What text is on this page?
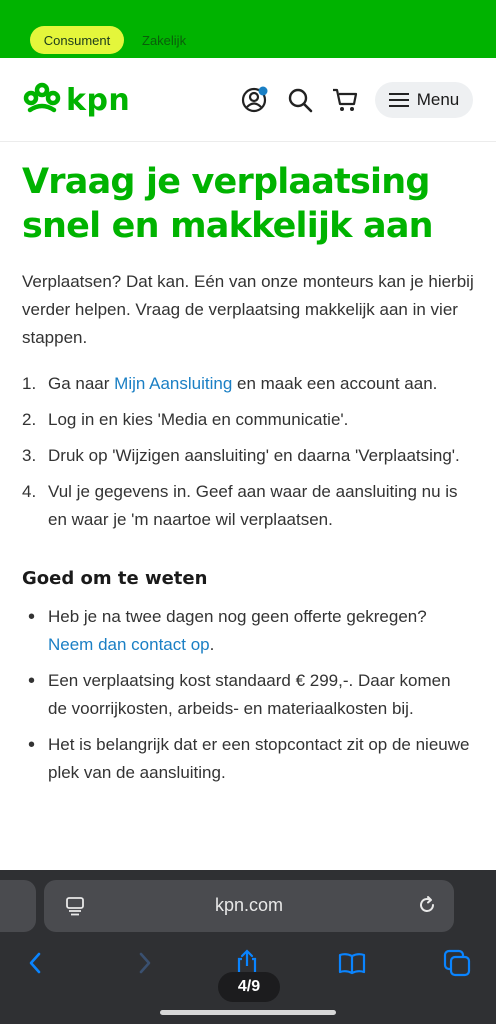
Consument	Zakelijk
kpn	Menu
Vraag je verplaatsing snel en makkelijk aan

Verplaatsen? Dat kan. Eén van onze monteurs kan je hierbij verder helpen. Vraag de verplaatsing makkelijk aan in vier stappen.

1. Ga naar Mijn Aansluiting en maak een account aan.
2. Log in en kies 'Media en communicatie'.
3. Druk op 'Wijzigen aansluiting' en daarna 'Verplaatsing'.
4. Vul je gegevens in. Geef aan waar de aansluiting nu is en waar je 'm naartoe wil verplaatsen.
Goed om te weten
• Heb je na twee dagen nog geen offerte gekregen? Neem dan contact op.
• Een verplaatsing kost standaard € 299,-. Daar komen de voorrijkosten, arbeids- en materiaalkosten bij.
• Het is belangrijk dat er een stopcontact zit op de nieuwe plek van de aansluiting.
kpn.com
4/9
